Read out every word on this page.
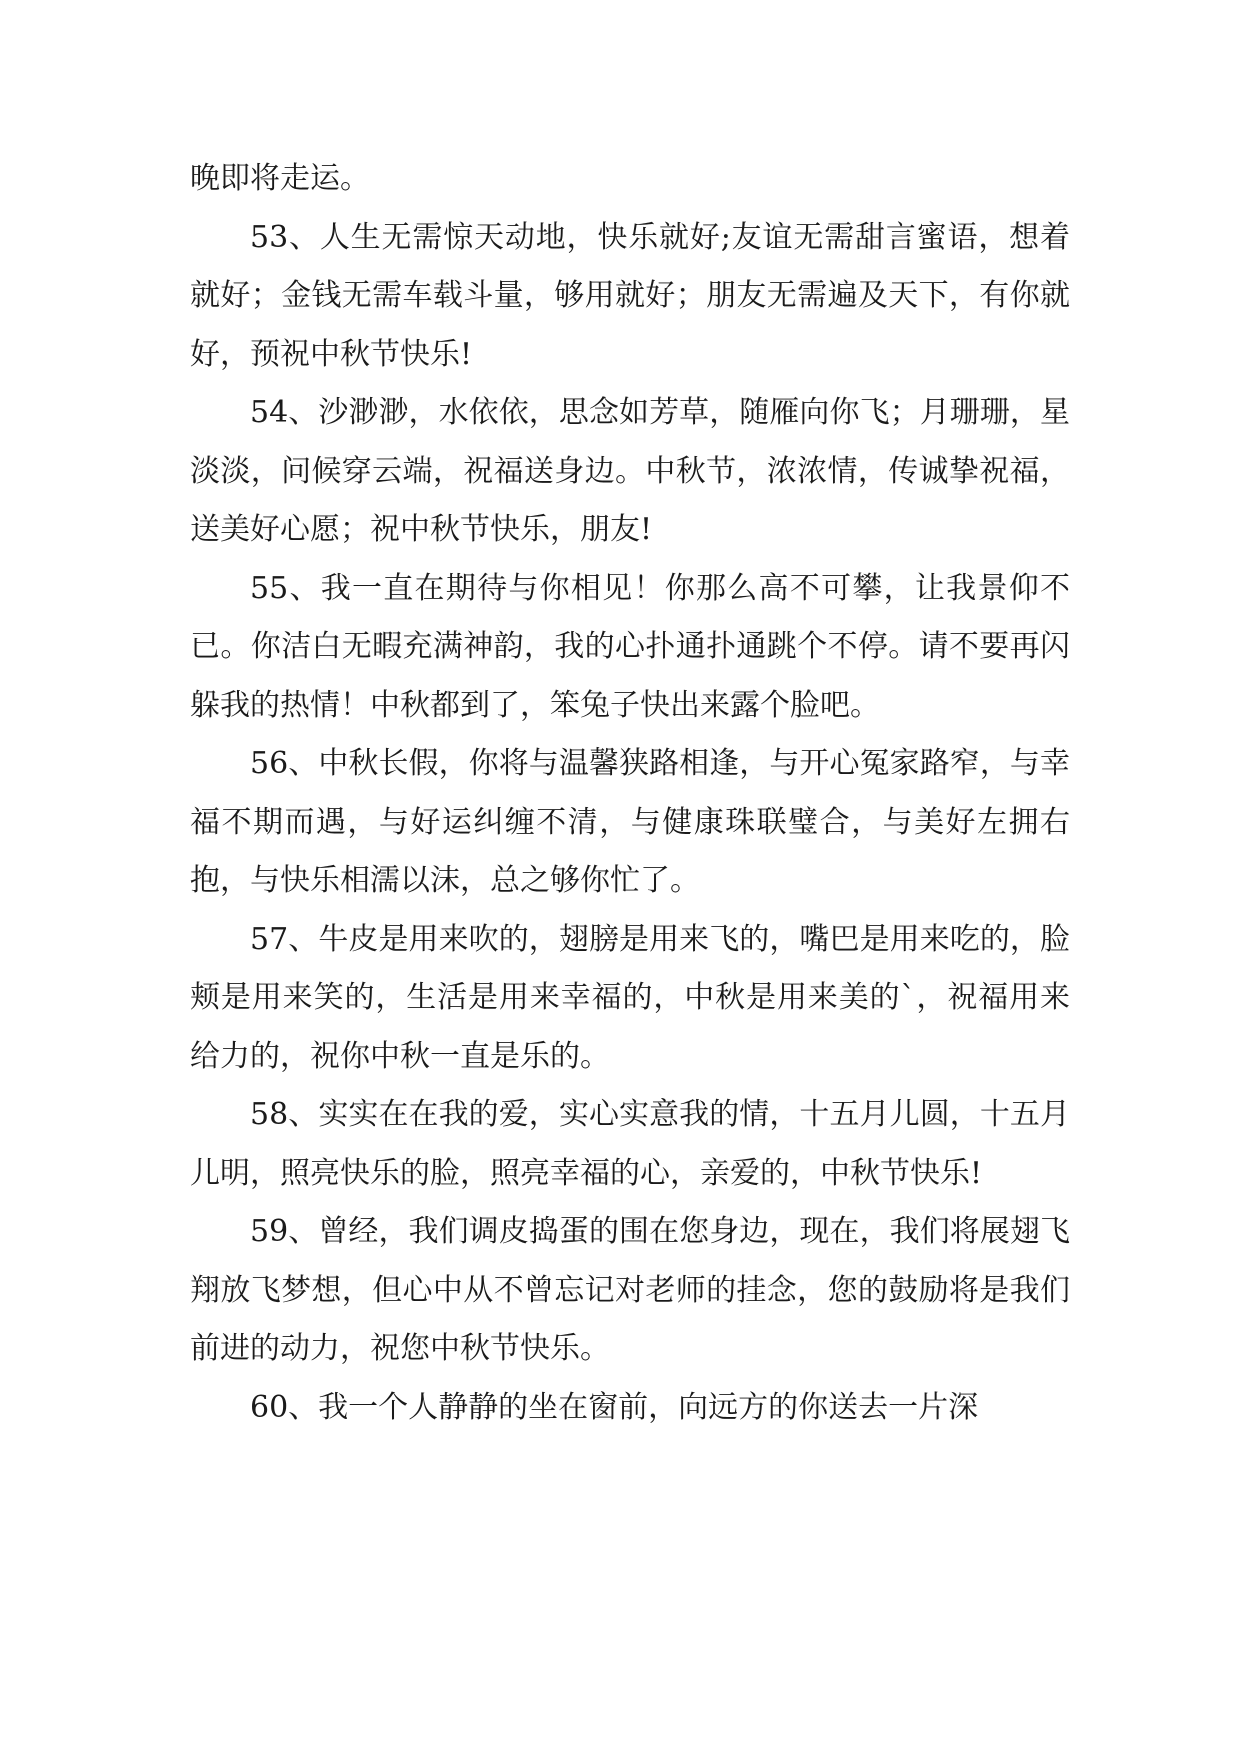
晚即将走运。

53、人生无需惊天动地，快乐就好;友谊无需甜言蜜语，想着就好；金钱无需车载斗量，够用就好；朋友无需遍及天下，有你就好，预祝中秋节快乐!

54、沙渺渺，水依依，思念如芳草，随雁向你飞；月珊珊，星淡淡，问候穿云端，祝福送身边。中秋节，浓浓情，传诚挚祝福，送美好心愿；祝中秋节快乐，朋友!

55、我一直在期待与你相见！你那么高不可攀，让我景仰不已。你洁白无暇充满神韵，我的心扑通扑通跳个不停。请不要再闪躲我的热情！中秋都到了，笨兔子快出来露个脸吧。

56、中秋长假，你将与温馨狭路相逢，与开心冤家路窄，与幸福不期而遇，与好运纠缠不清，与健康珠联璧合，与美好左拥右抱，与快乐相濡以沫，总之够你忙了。

57、牛皮是用来吹的，翅膀是用来飞的，嘴巴是用来吃的，脸颊是用来笑的，生活是用来幸福的，中秋是用来美的`，祝福用来给力的，祝你中秋一直是乐的。

58、实实在在我的爱，实心实意我的情，十五月儿圆，十五月儿明，照亮快乐的脸，照亮幸福的心，亲爱的，中秋节快乐!

59、曾经，我们调皮捣蛋的围在您身边，现在，我们将展翅飞翔放飞梦想，但心中从不曾忘记对老师的挂念，您的鼓励将是我们前进的动力，祝您中秋节快乐。

60、我一个人静静的坐在窗前，向远方的你送去一片深
